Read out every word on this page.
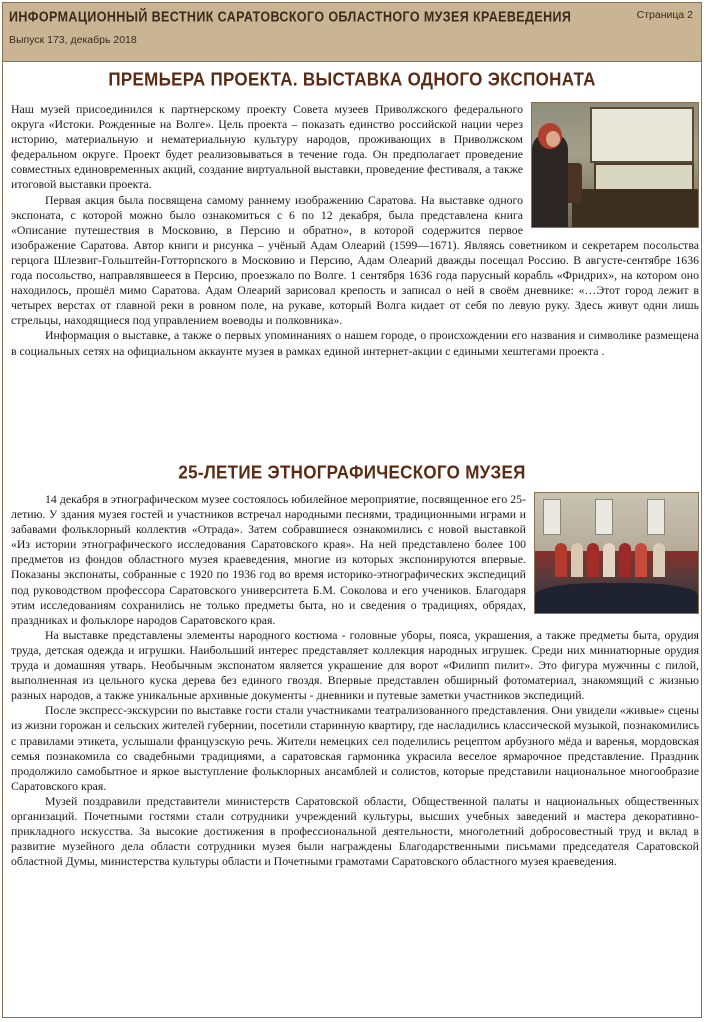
ИНФОРМАЦИОННЫЙ ВЕСТНИК САРАТОВСКОГО ОБЛАСТНОГО МУЗЕЯ КРАЕВЕДЕНИЯ
Выпуск 173, декабрь 2018
Страница 2
ПРЕМЬЕРА ПРОЕКТА. ВЫСТАВКА ОДНОГО ЭКСПОНАТА

Наш музей присоединился к партнерскому проекту Совета музеев Приволжского федерального округа «Истоки. Рожденные на Волге». Цель проекта – показать единство российской нации через историю, материальную и нематериальную культуру народов, проживающих в Приволжском федеральном округе. Проект будет реализовываться в течение года. Он предполагает проведение совместных единовременных акций, создание виртуальной выставки, проведение фестиваля, а также итоговой выставки проекта.

Первая акция была посвящена самому раннему изображению Саратова. На выставке одного экспоната, с которой можно было ознакомиться с 6 по 12 декабря, была представлена книга «Описание путешествия в Московию, в Персию и обратно», в которой содержится первое изображение Саратова. Автор книги и рисунка – учёный Адам Олеарий (1599—1671). Являясь советником и секретарем посольства герцога Шлезвиг-Гольштейн-Готторпского в Московию и Персию, Адам Олеарий дважды посещал Россию. В августе-сентябре 1636 года посольство, направлявшееся в Персию, проезжало по Волге. 1 сентября 1636 года парусный корабль «Фридрих», на котором оно находилось, прошёл мимо Саратова. Адам Олеарий зарисовал крепость и записал о ней в своём дневнике: «…Этот город лежит в четырех верстах от главной реки в ровном поле, на рукаве, который Волга кидает от себя по левую руку. Здесь живут одни лишь стрельцы, находящиеся под управлением воеводы и полковника».

Информация о выставке, а также о первых упоминаниях о нашем городе, о происхождении его названия и символике размещена в социальных сетях на официальном аккаунте музея в рамках единой интернет-акции с едиными хештегами проекта .

25-ЛЕТИЕ ЭТНОГРАФИЧЕСКОГО МУЗЕЯ

14 декабря в этнографическом музее состоялось юбилейное мероприятие, посвященное его 25-летию. У здания музея гостей и участников встречал народными песнями, традиционными играми и забавами фольклорный коллектив «Отрада». Затем собравшиеся ознакомились с новой выставкой «Из истории этнографического исследования Саратовского края». На ней представлено более 100 предметов из фондов областного музея краеведения, многие из которых экспонируются впервые. Показаны экспонаты, собранные с 1920 по 1936 год во время историко-этнографических экспедиций под руководством профессора Саратовского университета Б.М. Соколова и его учеников. Благодаря этим исследованиям сохранились не только предметы быта, но и сведения о традициях, обрядах, праздниках и фольклоре народов Саратовского края.

На выставке представлены элементы народного костюма - головные уборы, пояса, украшения, а также предметы быта, орудия труда, детская одежда и игрушки. Наибольший интерес представляет коллекция народных игрушек. Среди них миниатюрные орудия труда и домашняя утварь. Необычным экспонатом является украшение для ворот «Филипп пилит». Это фигура мужчины с пилой, выполненная из цельного куска дерева без единого гвоздя. Впервые представлен обширный фотоматериал, знакомящий с жизнью разных народов, а также уникальные архивные документы - дневники и путевые заметки участников экспедиций.

После экспресс-экскурсии по выставке гости стали участниками театрализованного представления. Они увидели «живые» сцены из жизни горожан и сельских жителей губернии, посетили старинную квартиру, где насладились классической музыкой, познакомились с правилами этикета, услышали французскую речь. Жители немецких сел поделились рецептом арбузного мёда и варенья, мордовская семья познакомила со свадебными традициями, а саратовская гармоника украсила веселое ярмарочное представление. Праздник продолжило самобытное и яркое выступление фольклорных ансамблей и солистов, которые представили национальное многообразие Саратовского края.

Музей поздравили представители министерств Саратовской области, Общественной палаты и национальных общественных организаций. Почетными гостями стали сотрудники учреждений культуры, высших учебных заведений и мастера декоративно-прикладного искусства. За высокие достижения в профессиональной деятельности, многолетний добросовестный труд и вклад в развитие музейного дела области сотрудники музея были награждены Благодарственными письмами председателя Саратовской областной Думы, министерства культуры области и Почетными грамотами Саратовского областного музея краеведения.
